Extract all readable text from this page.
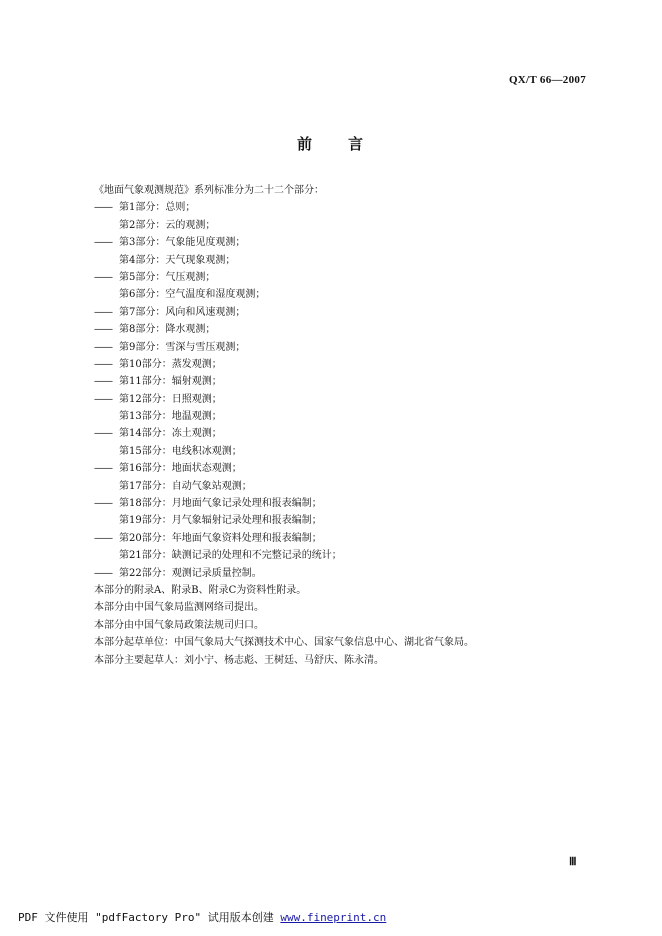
QX/T 66—2007
前 言
《地面气象观测规范》系列标准分为二十二个部分：
—— 第1部分：总则；
第2部分：云的观测；
—— 第3部分：气象能见度观测；
第4部分：天气现象观测；
—— 第5部分：气压观测；
第6部分：空气温度和湿度观测；
—— 第7部分：风向和风速观测；
—— 第8部分：降水观测；
—— 第9部分：雪深与雪压观测；
—— 第10部分：蒸发观测；
—— 第11部分：辐射观测；
—— 第12部分：日照观测；
第13部分：地温观测；
—— 第14部分：冻土观测；
第15部分：电线积冰观测；
—— 第16部分：地面状态观测；
第17部分：自动气象站观测；
—— 第18部分：月地面气象记录处理和报表编制；
第19部分：月气象辐射记录处理和报表编制；
—— 第20部分：年地面气象资料处理和报表编制；
第21部分：缺测记录的处理和不完整记录的统计；
—— 第22部分：观测记录质量控制。
本部分的附录A、附录B、附录C为资料性附录。
本部分由中国气象局监测网络司提出。
本部分由中国气象局政策法规司归口。
本部分起草单位：中国气象局大气探测技术中心、国家气象信息中心、湖北省气象局。
本部分主要起草人：刘小宁、杨志彪、王树廷、马舒庆、陈永清。
Ⅲ
PDF 文件使用 "pdfFactory Pro" 试用版本创建 www.fineprint.cn
